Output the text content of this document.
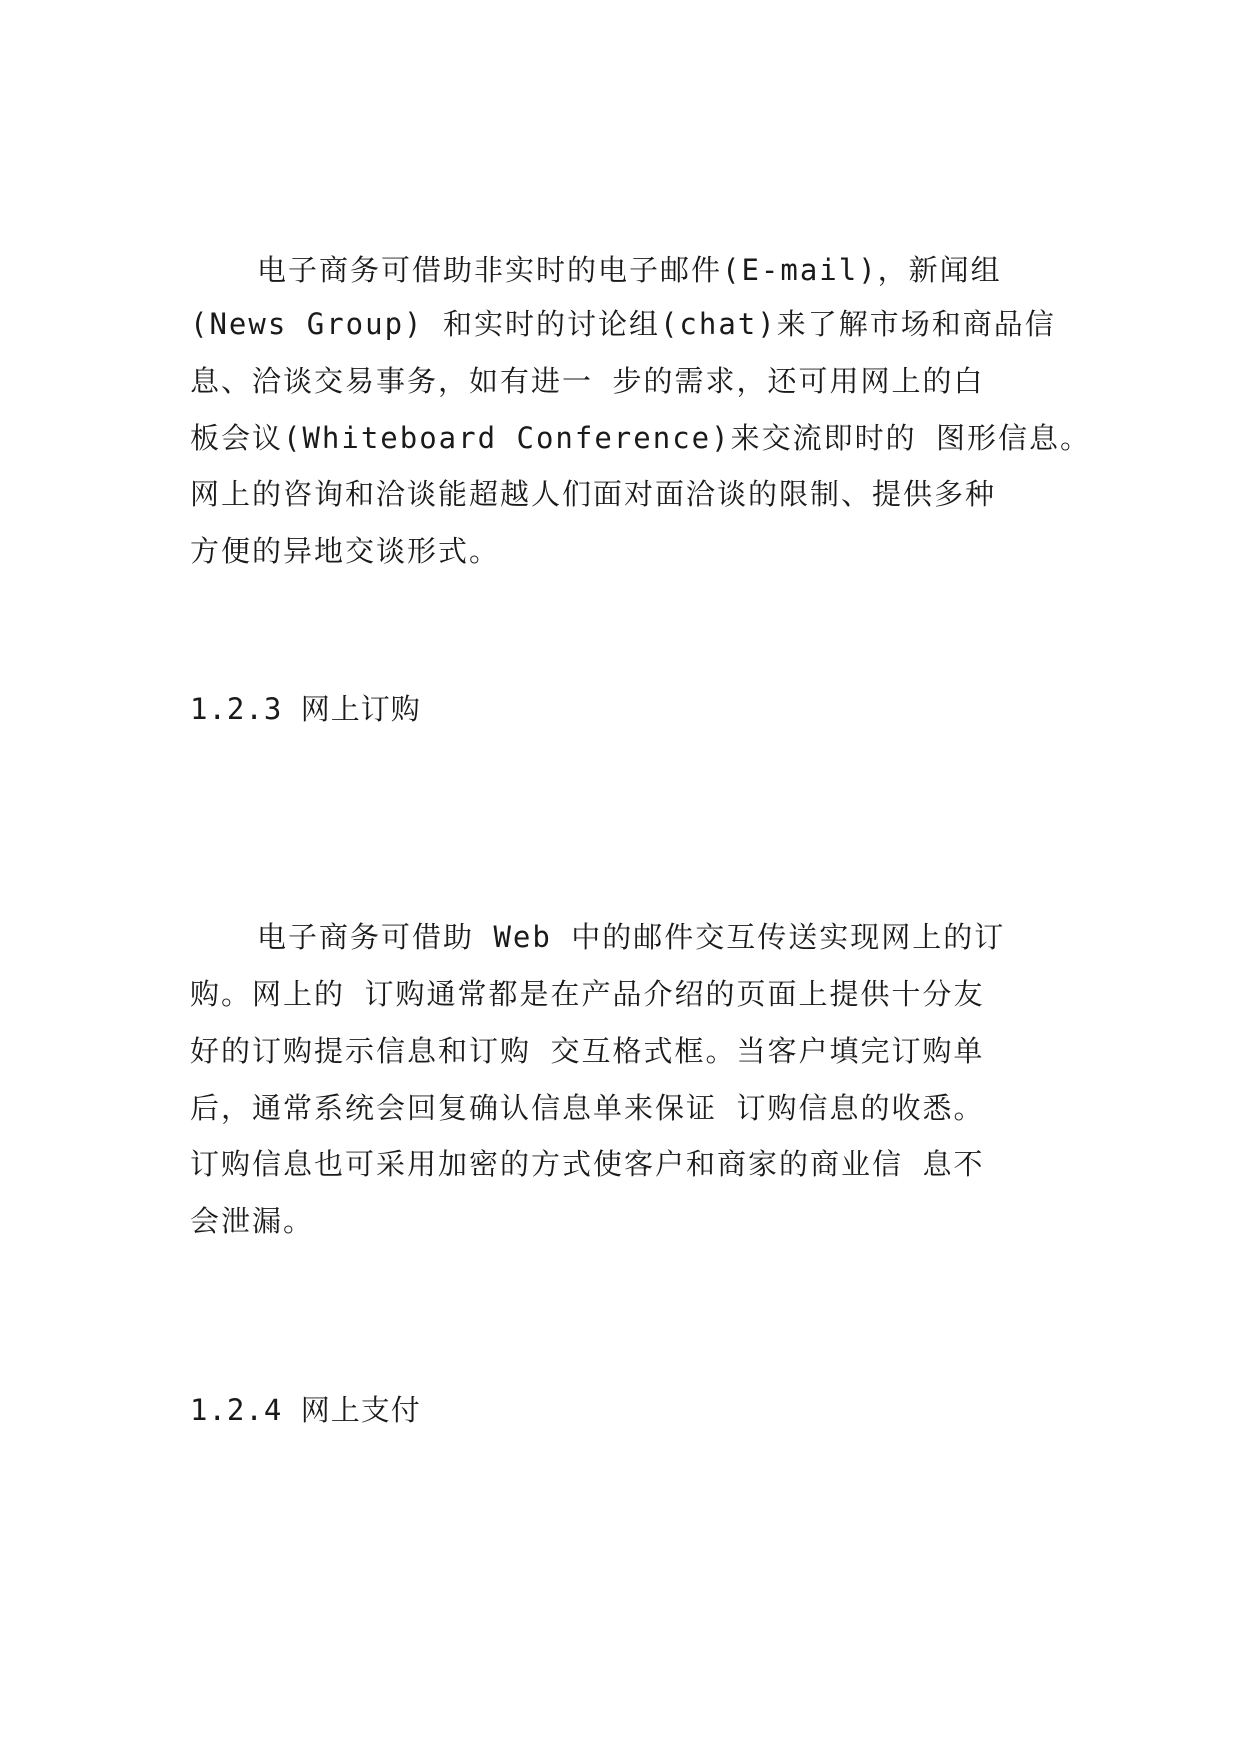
电子商务可借助非实时的电子邮件(E-mail)，新闻组
(News Group) 和实时的讨论组(chat)来了解市场和商品信
息、洽谈交易事务，如有进一 步的需求，还可用网上的白
板会议(Whiteboard Conference)来交流即时的 图形信息。
网上的咨询和洽谈能超越人们面对面洽谈的限制、提供多种
方便的异地交谈形式。
1.2.3 网上订购
电子商务可借助 Web 中的邮件交互传送实现网上的订
购。网上的 订购通常都是在产品介绍的页面上提供十分友
好的订购提示信息和订购 交互格式框。当客户填完订购单
后，通常系统会回复确认信息单来保证 订购信息的收悉。
订购信息也可采用加密的方式使客户和商家的商业信 息不
会泄漏。
1.2.4 网上支付
